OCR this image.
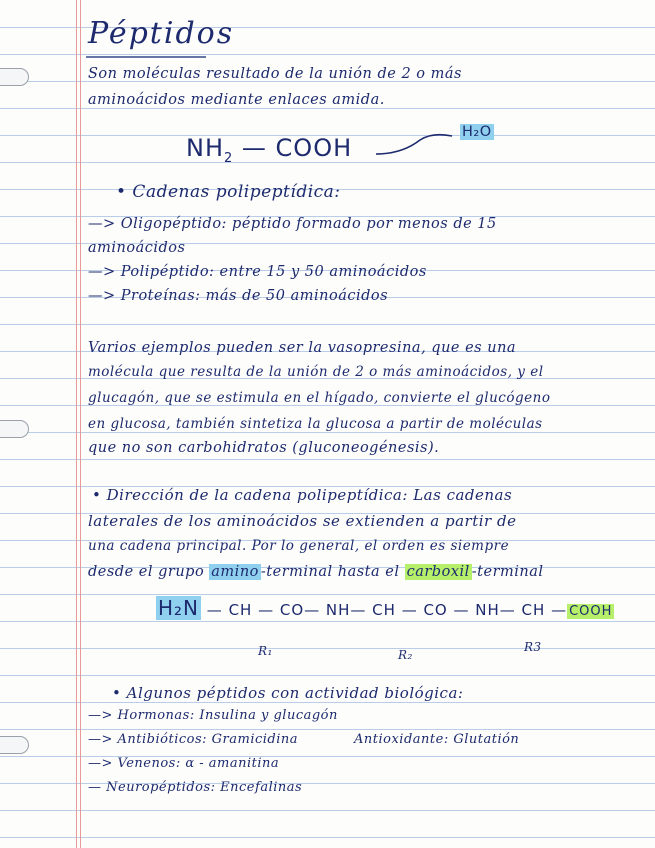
Péptidos
Son moléculas resultado de la unión de 2 o más
aminoácidos mediante enlaces amida.
$NH_2$ — COOH
H₂O
• Cadenas polipeptídica:
—> Oligopéptido: péptido formado por menos de 15
aminoácidos
—> Polipéptido: entre 15 y 50 aminoácidos
—> Proteínas: más de 50 aminoácidos
Varios ejemplos pueden ser la vasopresina, que es una
molécula que resulta de la unión de 2 o más aminoácidos, y el
glucagón, que se estimula en el hígado, convierte el glucógeno
en glucosa, también sintetiza la glucosa a partir de moléculas
que no son carbohidratos (gluconeogénesis).
• Dirección de la cadena polipeptídica: Las cadenas
laterales de los aminoácidos se extienden a partir de
una cadena principal. Por lo general, el orden es siempre
desde el grupo amino -terminal hasta el carboxil -terminal
H₂N — CH — CO— NH— CH — CO — NH— CH — COOH
R₁	R₂
R3
• Algunos péptidos con actividad biológica:
—> Hormonas: Insulina y glucagón
—> Antibióticos: Gramicidina	Antioxidante: Glutatión
—> Venenos: α - amanitina
— Neuropéptidos: Encefalinas
